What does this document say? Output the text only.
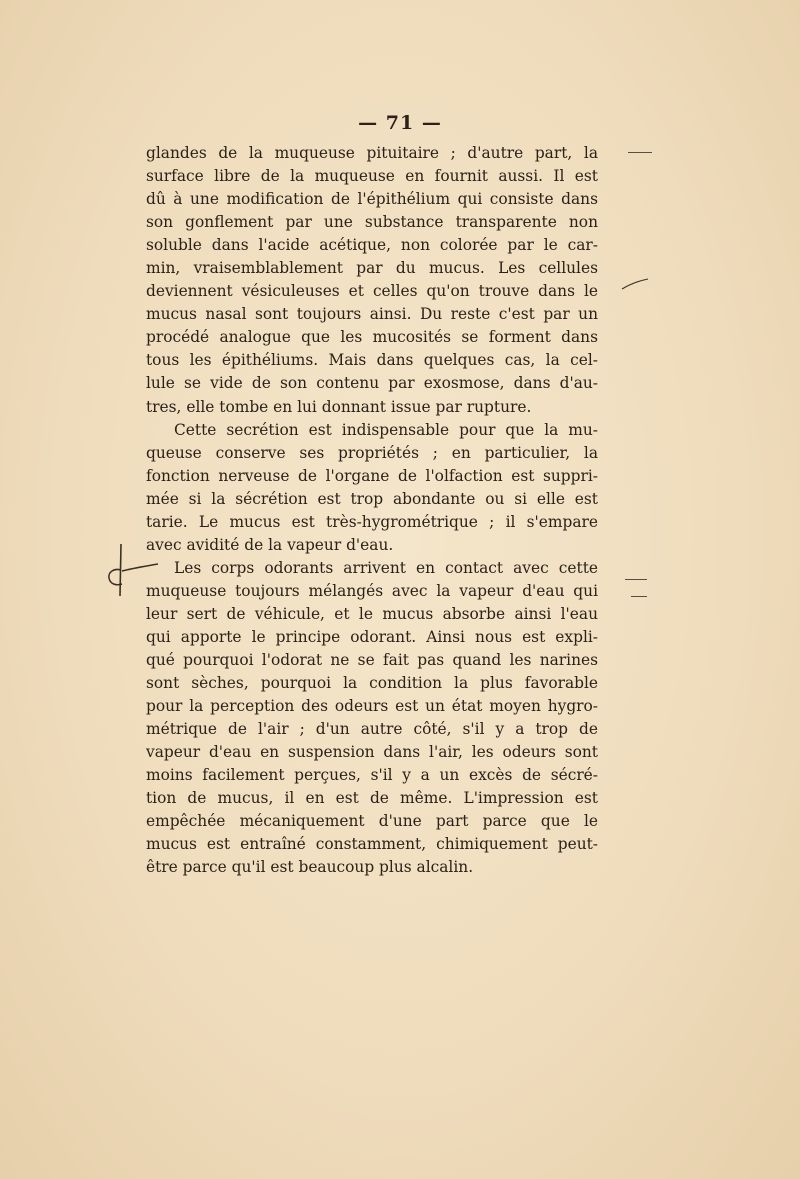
— 71 —
glandes de la muqueuse pituitaire ; d'autre part, la
surface libre de la muqueuse en fournit aussi. Il est
dû à une modification de l'épithélium qui consiste dans
son gonflement par une substance transparente non
soluble dans l'acide acétique, non colorée par le car-
min, vraisemblablement par du mucus. Les cellules
deviennent vésiculeuses et celles qu'on trouve dans le
mucus nasal sont toujours ainsi. Du reste c'est par un
procédé analogue que les mucosités se forment dans
tous les épithéliums. Mais dans quelques cas, la cel-
lule se vide de son contenu par exosmose, dans d'au-
tres, elle tombe en lui donnant issue par rupture.
Cette secrétion est indispensable pour que la mu-
queuse conserve ses propriétés ; en particulier, la
fonction nerveuse de l'organe de l'olfaction est suppri-
mée si la sécrétion est trop abondante ou si elle est
tarie. Le mucus est très-hygrométrique ; il s'empare
avec avidité de la vapeur d'eau.
Les corps odorants arrivent en contact avec cette
muqueuse toujours mélangés avec la vapeur d'eau qui
leur sert de véhicule, et le mucus absorbe ainsi l'eau
qui apporte le principe odorant. Ainsi nous est expli-
qué pourquoi l'odorat ne se fait pas quand les narines
sont sèches, pourquoi la condition la plus favorable
pour la perception des odeurs est un état moyen hygro-
métrique de l'air ; d'un autre côté, s'il y a trop de
vapeur d'eau en suspension dans l'air, les odeurs sont
moins facilement perçues, s'il y a un excès de sécré-
tion de mucus, il en est de même. L'impression est
empêchée mécaniquement d'une part parce que le
mucus est entraîné constamment, chimiquement peut-
être parce qu'il est beaucoup plus alcalin.
